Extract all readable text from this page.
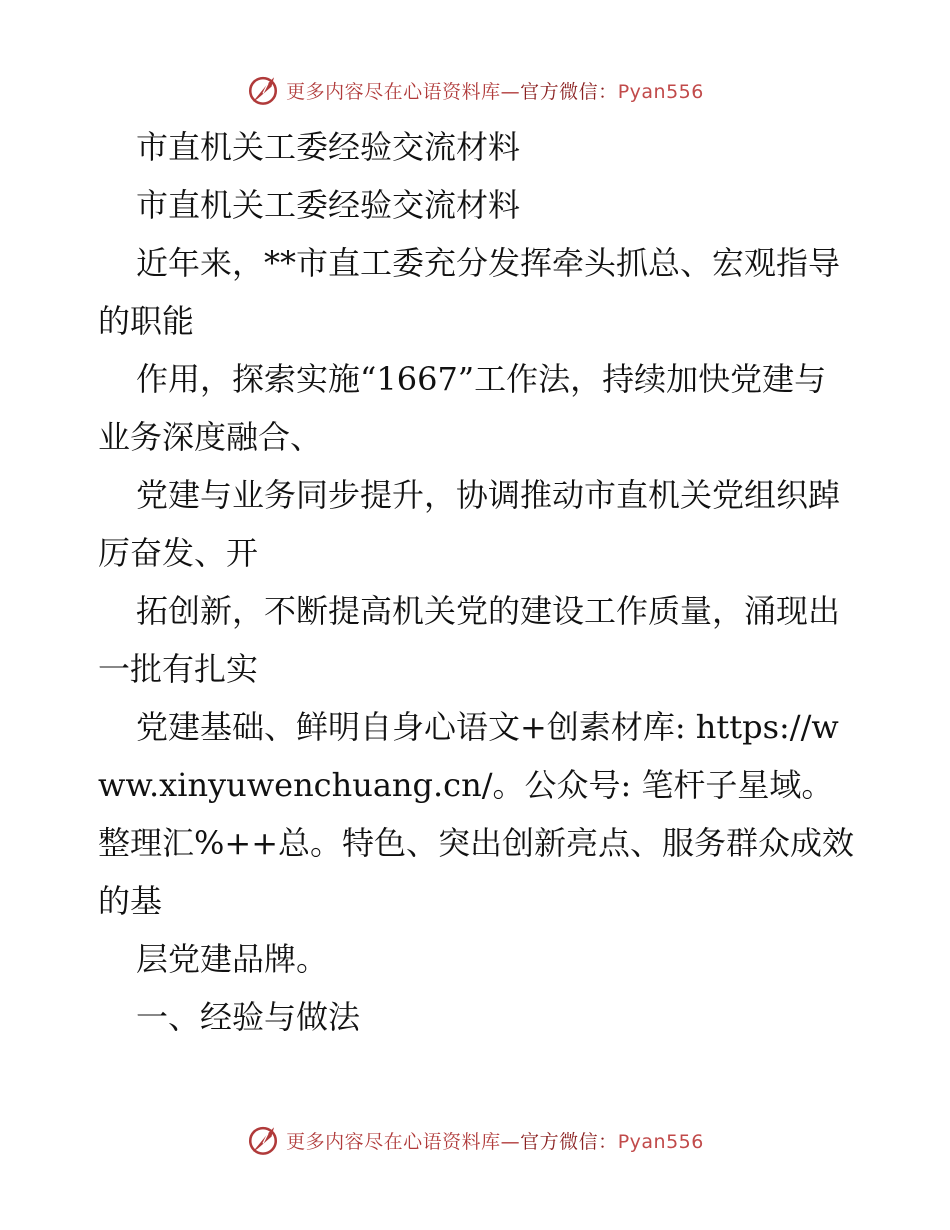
更多内容尽在心语资料库—官方微信：Pyan556

市直机关工委经验交流材料

市直机关工委经验交流材料

近年来，**市直工委充分发挥牵头抓总、宏观指导的职能

作用，探索实施“1667”工作法，持续加快党建与业务深度融合、

党建与业务同步提升，协调推动市直机关党组织踔厉奋发、开

拓创新，不断提高机关党的建设工作质量，涌现出一批有扎实

党建基础、鲜明自身心语文+创素材库: https://www.xinyuwenchuang.cn/。公众号: 笔杆子星域。整理汇%++总。特色、突出创新亮点、服务群众成效的基

层党建品牌。

一、经验与做法

更多内容尽在心语资料库—官方微信：Pyan556
